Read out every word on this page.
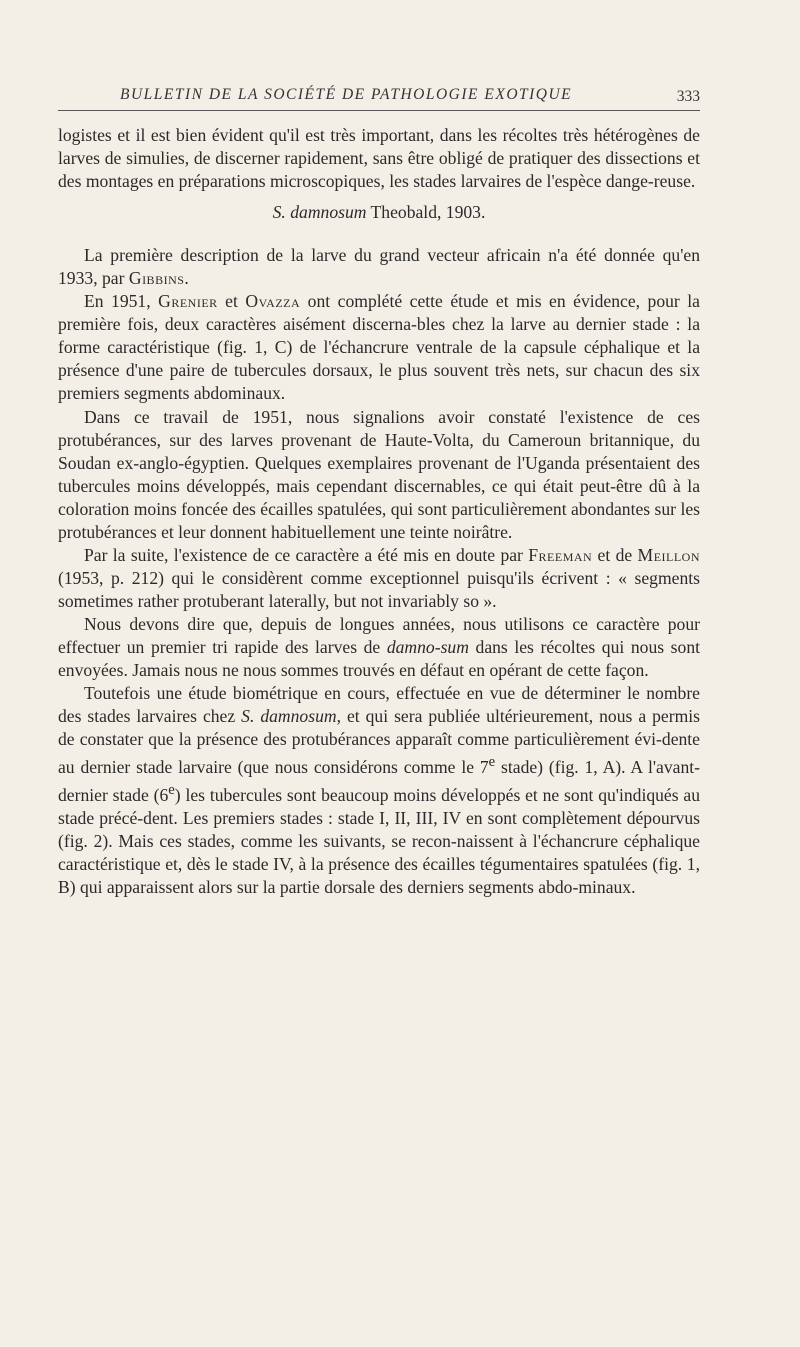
BULLETIN DE LA SOCIÉTÉ DE PATHOLOGIE EXOTIQUE	333

logistes et il est bien évident qu'il est très important, dans les récoltes très hétérogènes de larves de simulies, de discerner rapidement, sans être obligé de pratiquer des dissections et des montages en préparations microscopiques, les stades larvaires de l'espèce dange-reuse.

S. damnosum Theobald, 1903.

La première description de la larve du grand vecteur africain n'a été donnée qu'en 1933, par Gibbins.

En 1951, Grenier et Ovazza ont complété cette étude et mis en évidence, pour la première fois, deux caractères aisément discerna-bles chez la larve au dernier stade : la forme caractéristique (fig. 1, C) de l'échancrure ventrale de la capsule céphalique et la présence d'une paire de tubercules dorsaux, le plus souvent très nets, sur chacun des six premiers segments abdominaux.

Dans ce travail de 1951, nous signalions avoir constaté l'existence de ces protubérances, sur des larves provenant de Haute-Volta, du Cameroun britannique, du Soudan ex-anglo-égyptien. Quelques exemplaires provenant de l'Uganda présentaient des tubercules moins développés, mais cependant discernables, ce qui était peut-être dû à la coloration moins foncée des écailles spatulées, qui sont particulièrement abondantes sur les protubérances et leur donnent habituellement une teinte noirâtre.

Par la suite, l'existence de ce caractère a été mis en doute par Freeman et de Meillon (1953, p. 212) qui le considèrent comme exceptionnel puisqu'ils écrivent : « segments sometimes rather protuberant laterally, but not invariably so ».

Nous devons dire que, depuis de longues années, nous utilisons ce caractère pour effectuer un premier tri rapide des larves de damno-sum dans les récoltes qui nous sont envoyées. Jamais nous ne nous sommes trouvés en défaut en opérant de cette façon.

Toutefois une étude biométrique en cours, effectuée en vue de déterminer le nombre des stades larvaires chez S. damnosum, et qui sera publiée ultérieurement, nous a permis de constater que la présence des protubérances apparaît comme particulièrement évi-dente au dernier stade larvaire (que nous considérons comme le 7e stade) (fig. 1, A). A l'avant-dernier stade (6e) les tubercules sont beaucoup moins développés et ne sont qu'indiqués au stade précé-dent. Les premiers stades : stade I, II, III, IV en sont complètement dépourvus (fig. 2). Mais ces stades, comme les suivants, se recon-naissent à l'échancrure céphalique caractéristique et, dès le stade IV, à la présence des écailles tégumentaires spatulées (fig. 1, B) qui apparaissent alors sur la partie dorsale des derniers segments abdo-minaux.
